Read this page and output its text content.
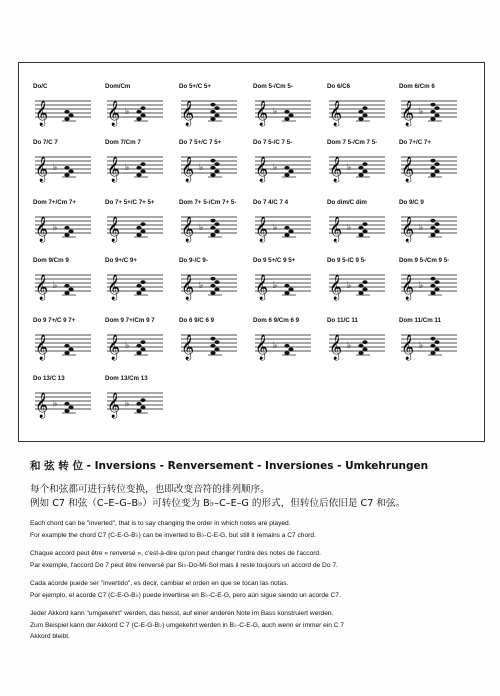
Do/C
𝄞
Dom/Cm
𝄞 ♭
Do 5+/C 5+
𝄞
Dom 5-/Cm 5-
𝄞 ♭
Do 6/C6
𝄞
Dom 6/Cm 6
𝄞 ♭
Do 7/C 7
𝄞 ♭
Dom 7/Cm 7
𝄞 ♭
Do 7 5+/C 7 5+
𝄞 ♭
Do 7 5-/C 7 5-
𝄞 ♭
Dom 7 5-/Cm 7 5-
𝄞 ♭
Do 7+/C 7+
𝄞
Dom 7+/Cm 7+
𝄞 ♭
Do 7+ 5+/C 7+ 5+
𝄞
Dom 7+ 5-/Cm 7+ 5-
𝄞 ♭
Do 7 4/C 7 4
𝄞 ♭
Do dim/C dim
𝄞 ♭
Do 9/C 9
𝄞 ♭
Dom 9/Cm 9
𝄞 ♭
Do 9+/C 9+
𝄞
Do 9-/C 9-
𝄞 ♭
Do 9 5+/C 9 5+
𝄞 ♭
Do 9 5-/C 9 5-
𝄞 ♭
Dom 9 5-/Cm 9 5-
𝄞 ♭
Do 9 7+/C 9 7+
𝄞
Dom 9 7+/Cm 9 7
𝄞 ♭
Do 6 9/C 6 9
𝄞
Dom 6 9/Cm 6 9
𝄞 ♭
Do 11/C 11
𝄞 ♭
Dom 11/Cm 11
𝄞 ♭
Do 13/C 13
𝄞 ♭
Dom 13/Cm 13
𝄞 ♭
和 弦 转 位 - Inversions - Renversement - Inversiones - Umkehrungen
每个和弦都可进行转位变换，也即改变音符的排列顺序。
例如 C7 和弦（C–E–G–B♭）可转位变为 B♭–C–E–G 的形式，但转位后依旧是 C7 和弦。
Each chord can be "inverted", that is to say changing the order in which notes are played.
For example the chord C7 (C-E-G-B♭) can be inverted to B♭-C-E-G, but still it remains a C7 chord.
Chaque accord peut être « renversé », c'est-à-dire qu'on peut changer l'ordre des notes de l'accord.
Par exemple, l'accord Do 7 peut être renversé par Si♭-Do-Mi-Sol mais il reste toujours un accord de Do 7.
Cada acorde puede ser "invertido", es decir, cambiar el orden en que se tocan las notas.
Por ejemplo, el acorde C7 (C-E-G-B♭) puede invertirse en B♭-C-E-G, pero aún sigue siendo un acorde C7.
Jeder Akkord kann "umgekehrt" werden, das heisst, auf einer anderen Note im Bass konstruiert werden.
Zum Beispiel kann der Akkord C 7 (C-E-G-B♭) umgekehrt werden in B♭-C-E-G, auch wenn er immer ein C 7
Akkord bleibt.
